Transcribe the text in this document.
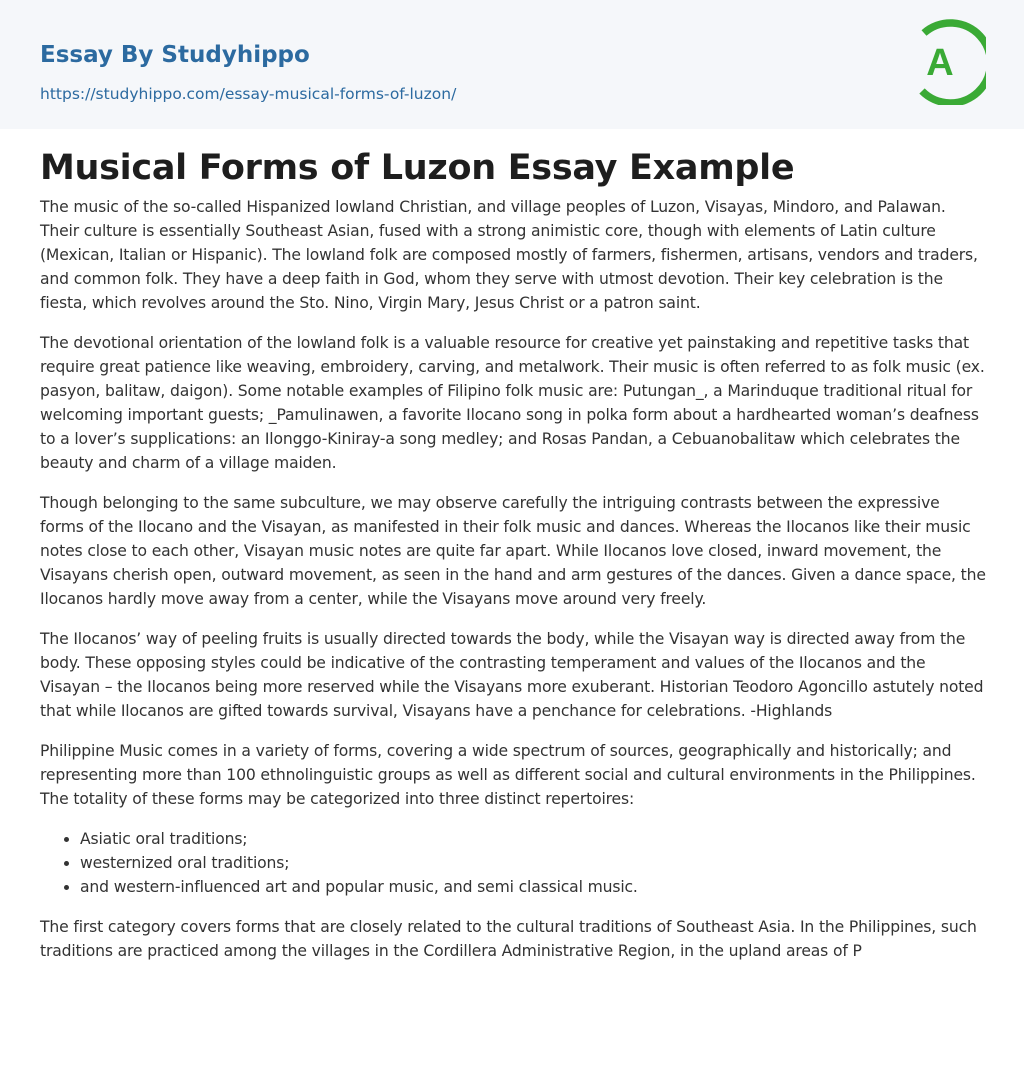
Essay By Studyhippo
https://studyhippo.com/essay-musical-forms-of-luzon/
A
Musical Forms of Luzon Essay Example

The music of the so-called Hispanized lowland Christian, and village peoples of Luzon, Visayas, Mindoro, and Palawan. Their culture is essentially Southeast Asian, fused with a strong animistic core, though with elements of Latin culture (Mexican, Italian or Hispanic). The lowland folk are composed mostly of farmers, fishermen, artisans, vendors and traders, and common folk. They have a deep faith in God, whom they serve with utmost devotion. Their key celebration is the fiesta, which revolves around the Sto. Nino, Virgin Mary, Jesus Christ or a patron saint.

The devotional orientation of the lowland folk is a valuable resource for creative yet painstaking and repetitive tasks that require great patience like weaving, embroidery, carving, and metalwork. Their music is often referred to as folk music (ex. pasyon, balitaw, daigon). Some notable examples of Filipino folk music are: Putungan_, a Marinduque traditional ritual for welcoming important guests; _Pamulinawen, a favorite Ilocano song in polka form about a hardhearted woman’s deafness to a lover’s supplications: an Ilonggo-Kiniray-a song medley; and Rosas Pandan, a Cebuanobalitaw which celebrates the beauty and charm of a village maiden.

Though belonging to the same subculture, we may observe carefully the intriguing contrasts between the expressive forms of the Ilocano and the Visayan, as manifested in their folk music and dances. Whereas the Ilocanos like their music notes close to each other, Visayan music notes are quite far apart. While Ilocanos love closed, inward movement, the Visayans cherish open, outward movement, as seen in the hand and arm gestures of the dances. Given a dance space, the Ilocanos hardly move away from a center, while the Visayans move around very freely.

The Ilocanos’ way of peeling fruits is usually directed towards the body, while the Visayan way is directed away from the body. These opposing styles could be indicative of the contrasting temperament and values of the Ilocanos and the Visayan – the Ilocanos being more reserved while the Visayans more exuberant. Historian Teodoro Agoncillo astutely noted that while Ilocanos are gifted towards survival, Visayans have a penchance for celebrations. -Highlands

Philippine Music comes in a variety of forms, covering a wide spectrum of sources, geographically and historically; and representing more than 100 ethnolinguistic groups as well as different social and cultural environments in the Philippines. The totality of these forms may be categorized into three distinct repertoires:

• Asiatic oral traditions;
• westernized oral traditions;
• and western-influenced art and popular music, and semi classical music.

The first category covers forms that are closely related to the cultural traditions of Southeast Asia. In the Philippines, such traditions are practiced among the villages in the Cordillera Administrative Region, in the upland areas of P
